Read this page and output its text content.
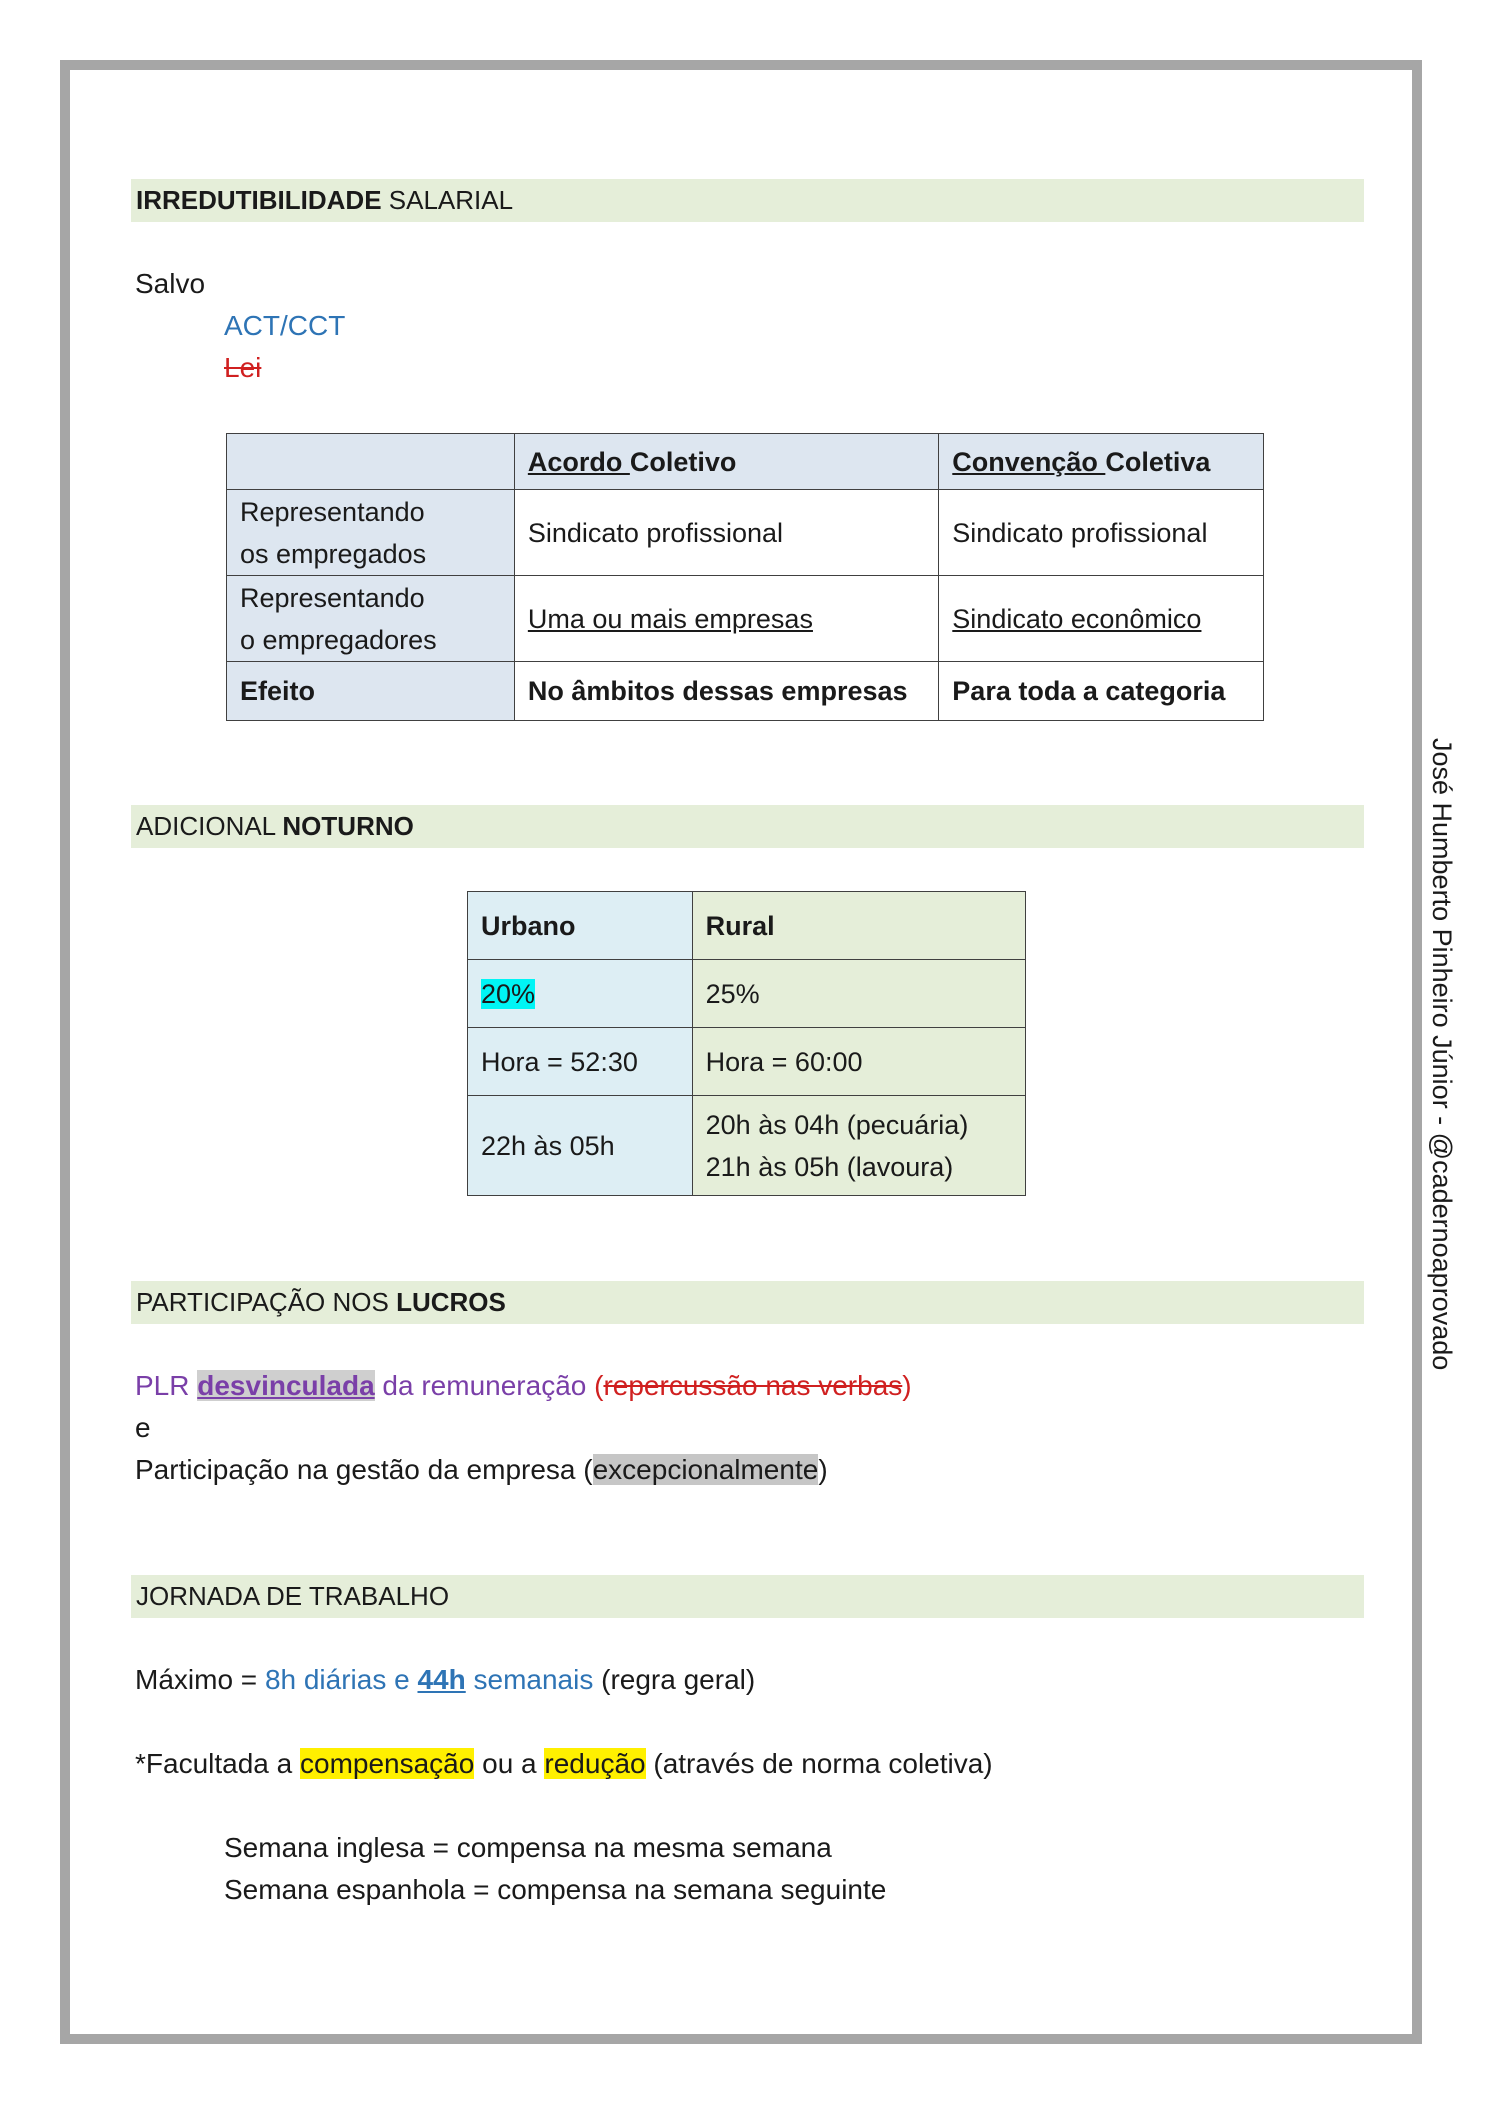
IRREDUTIBILIDADE SALARIAL
Salvo
ACT/CCT
Lei
	Acordo Coletivo	Convenção Coletiva

Representando
os empregados	Sindicato profissional	Sindicato profissional

Representando
o empregadores	Uma ou mais empresas	Sindicato econômico
Efeito	No âmbitos dessas empresas	Para toda a categoria
ADICIONAL NOTURNO
Urbano	Rural
20%	25%
Hora = 52:30	Hora = 60:00
22h às 05h	20h às 04h (pecuária)
21h às 05h (lavoura)
PARTICIPAÇÃO NOS LUCROS
PLR desvinculada da remuneração (repercussão nas verbas)
e
Participação na gestão da empresa (excepcionalmente)
JORNADA DE TRABALHO
Máximo = 8h diárias e 44h semanais (regra geral)
*Facultada a compensação ou a redução (através de norma coletiva)
Semana inglesa = compensa na mesma semana
Semana espanhola = compensa na semana seguinte
José Humberto Pinheiro Júnior - @cadernoaprovado
